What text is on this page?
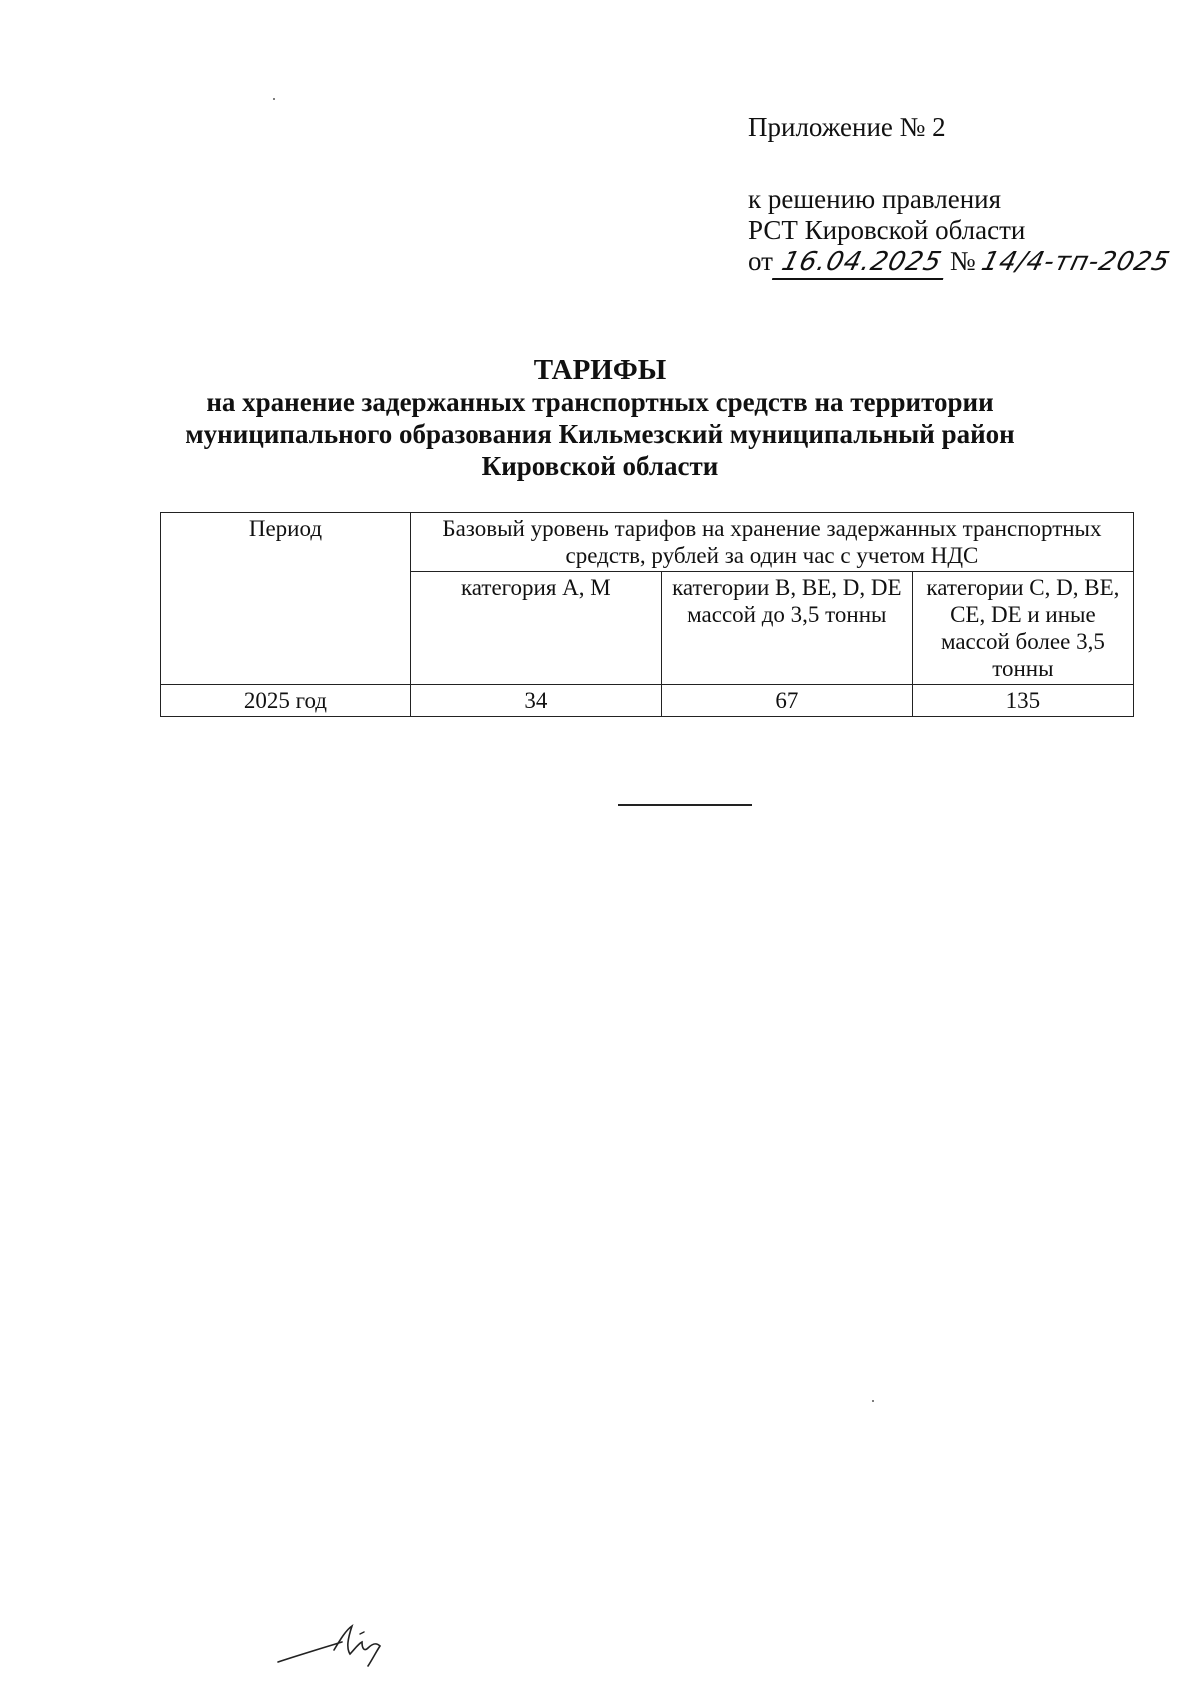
Приложение № 2
к решению правления
РСТ Кировской области
от 16.04.2025 №14/4-тп-2025
ТАРИФЫ
на хранение задержанных транспортных средств на территории
муниципального образования Кильмезский муниципальный район
Кировской области
Период	Базовый уровень тарифов на хранение задержанных транспортных средств, рублей за один час с учетом НДС		
	категория А, М	категории В, ВЕ, D, DE массой до 3,5 тонны	категории С, D, ВЕ, СЕ, DE и иные массой более 3,5 тонны
2025 год	34	67	135
